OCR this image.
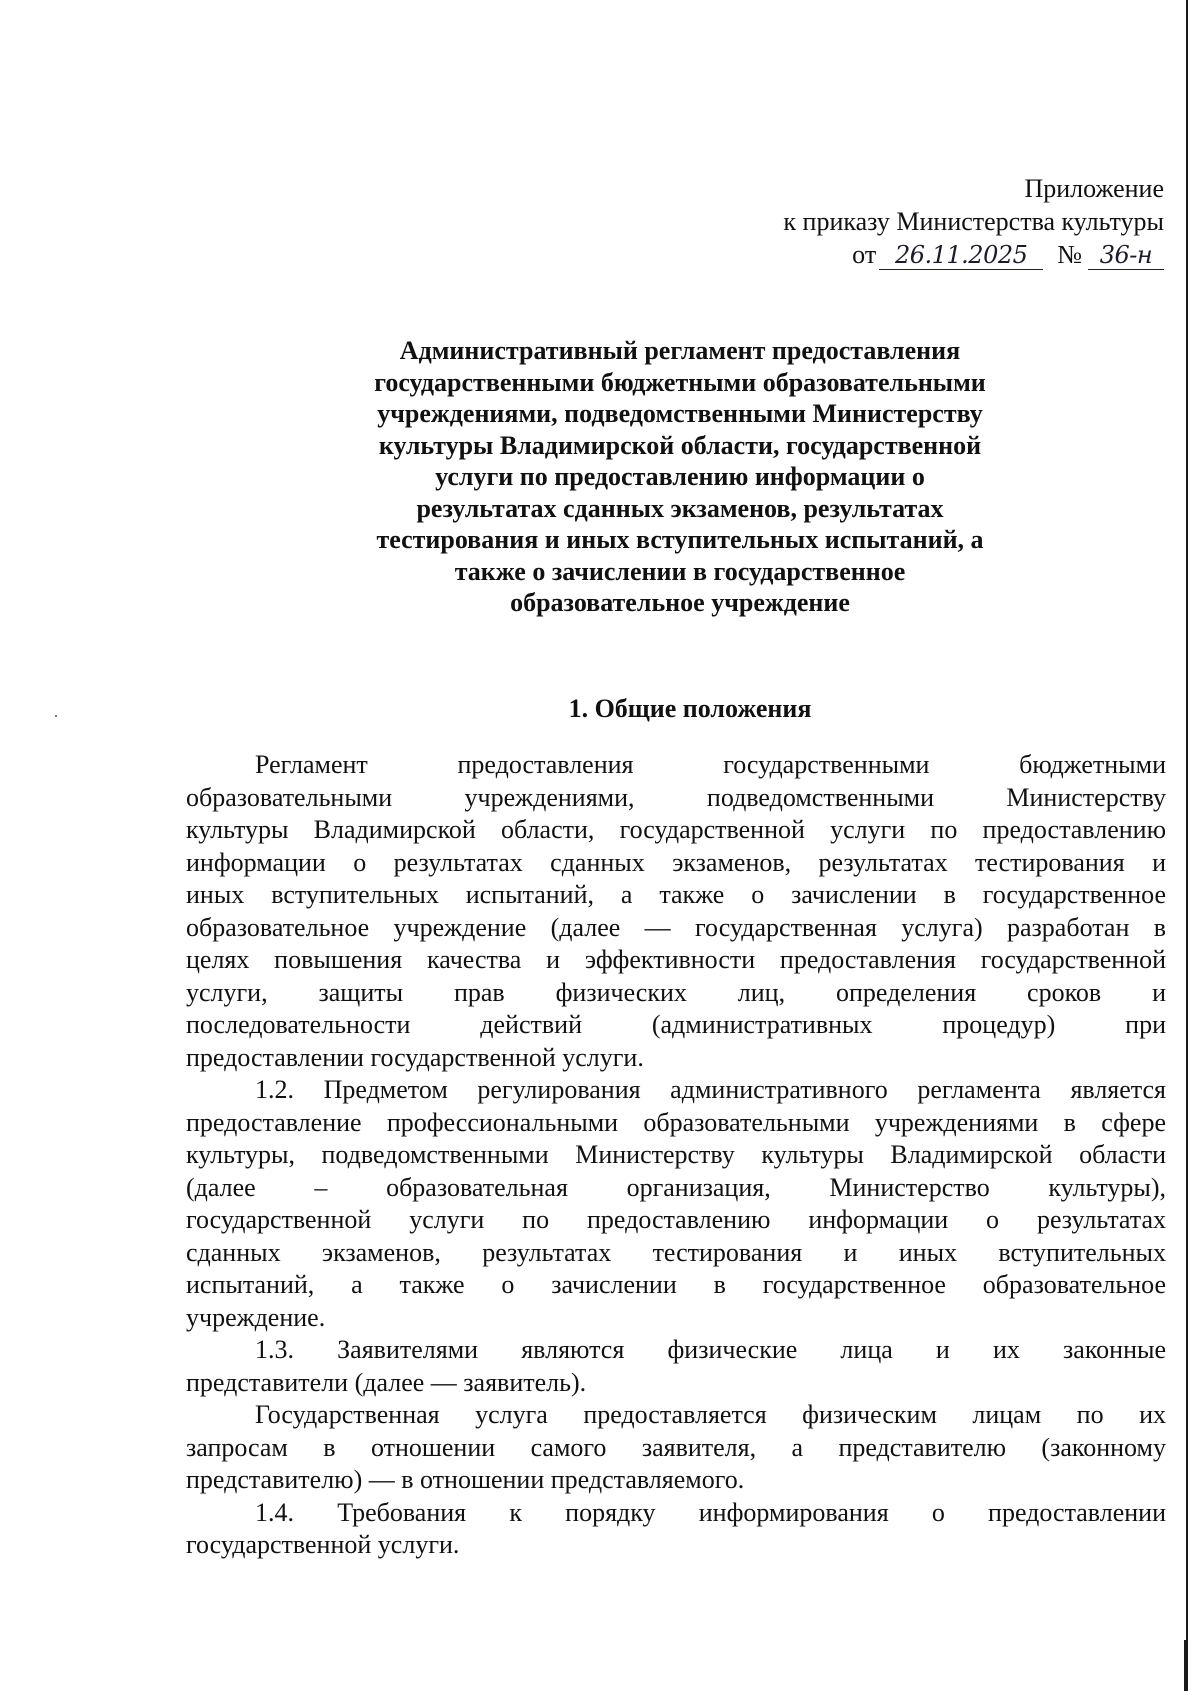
Приложение
к приказу Министерства культуры
от 26.11.2025 № 36-н
Административный регламент предоставления
государственными бюджетными образовательными
учреждениями, подведомственными Министерству
культуры Владимирской области, государственной
услуги по предоставлению информации о
результатах сданных экзаменов, результатах
тестирования и иных вступительных испытаний, а
также о зачислении в государственное
образовательное учреждение
1. Общие положения
Регламент предоставления государственными бюджетными
образовательными учреждениями, подведомственными Министерству
культуры Владимирской области, государственной услуги по предоставлению
информации о результатах сданных экзаменов, результатах тестирования и
иных вступительных испытаний, а также о зачислении в государственное
образовательное учреждение (далее — государственная услуга) разработан в
целях повышения качества и эффективности предоставления государственной
услуги, защиты прав физических лиц, определения сроков и
последовательности действий (административных процедур) при
предоставлении государственной услуги.
1.2. Предметом регулирования административного регламента является
предоставление профессиональными образовательными учреждениями в сфере
культуры, подведомственными Министерству культуры Владимирской области
(далее – образовательная организация, Министерство культуры),
государственной услуги по предоставлению информации о результатах
сданных экзаменов, результатах тестирования и иных вступительных
испытаний, а также о зачислении в государственное образовательное
учреждение.
1.3. Заявителями являются физические лица и их законные
представители (далее — заявитель).
Государственная услуга предоставляется физическим лицам по их
запросам в отношении самого заявителя, а представителю (законному
представителю) — в отношении представляемого.
1.4. Требования к порядку информирования о предоставлении
государственной услуги.
